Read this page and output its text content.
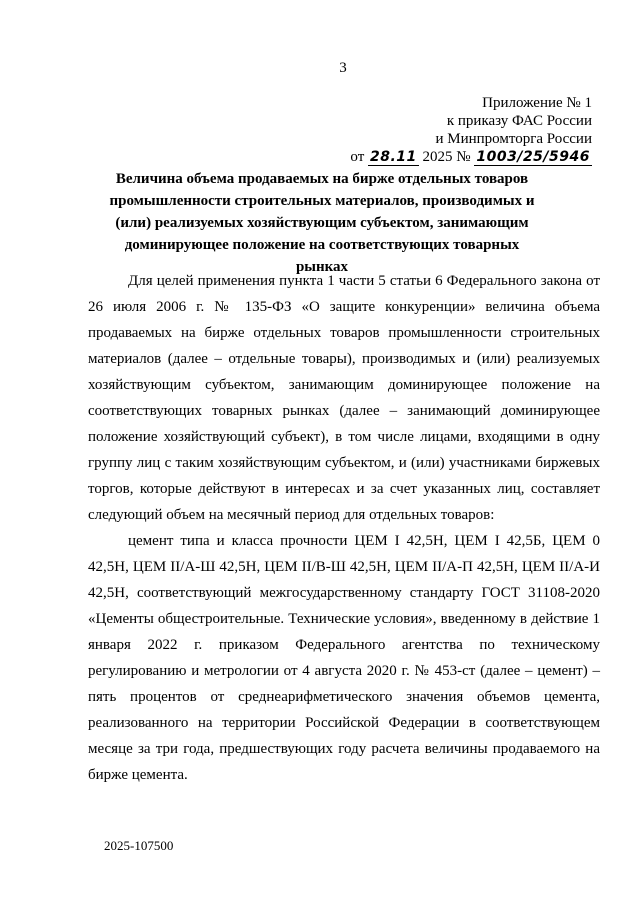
3
Приложение № 1
к приказу ФАС России
и Минпромторга России
от 28.11 2025 № 1003/25/5946
Величина объема продаваемых на бирже отдельных товаров промышленности строительных материалов, производимых и (или) реализуемых хозяйствующим субъектом, занимающим доминирующее положение на соответствующих товарных рынках

Для целей применения пункта 1 части 5 статьи 6 Федерального закона от 26 июля 2006 г. № 135-ФЗ «О защите конкуренции» величина объема продаваемых на бирже отдельных товаров промышленности строительных материалов (далее – отдельные товары), производимых и (или) реализуемых хозяйствующим субъектом, занимающим доминирующее положение на соответствующих товарных рынках (далее – занимающий доминирующее положение хозяйствующий субъект), в том числе лицами, входящими в одну группу лиц с таким хозяйствующим субъектом, и (или) участниками биржевых торгов, которые действуют в интересах и за счет указанных лиц, составляет следующий объем на месячный период для отдельных товаров:

цемент типа и класса прочности ЦЕМ I 42,5Н, ЦЕМ I 42,5Б, ЦЕМ 0 42,5Н, ЦЕМ II/А-Ш 42,5Н, ЦЕМ II/В-Ш 42,5Н, ЦЕМ II/А-П 42,5Н, ЦЕМ II/А-И 42,5Н, соответствующий межгосударственному стандарту ГОСТ 31108-2020 «Цементы общестроительные. Технические условия», введенному в действие 1 января 2022 г. приказом Федерального агентства по техническому регулированию и метрологии от 4 августа 2020 г. № 453-ст (далее – цемент) – пять процентов от среднеарифметического значения объемов цемента, реализованного на территории Российской Федерации в соответствующем месяце за три года, предшествующих году расчета величины продаваемого на бирже цемента.

2025-107500
